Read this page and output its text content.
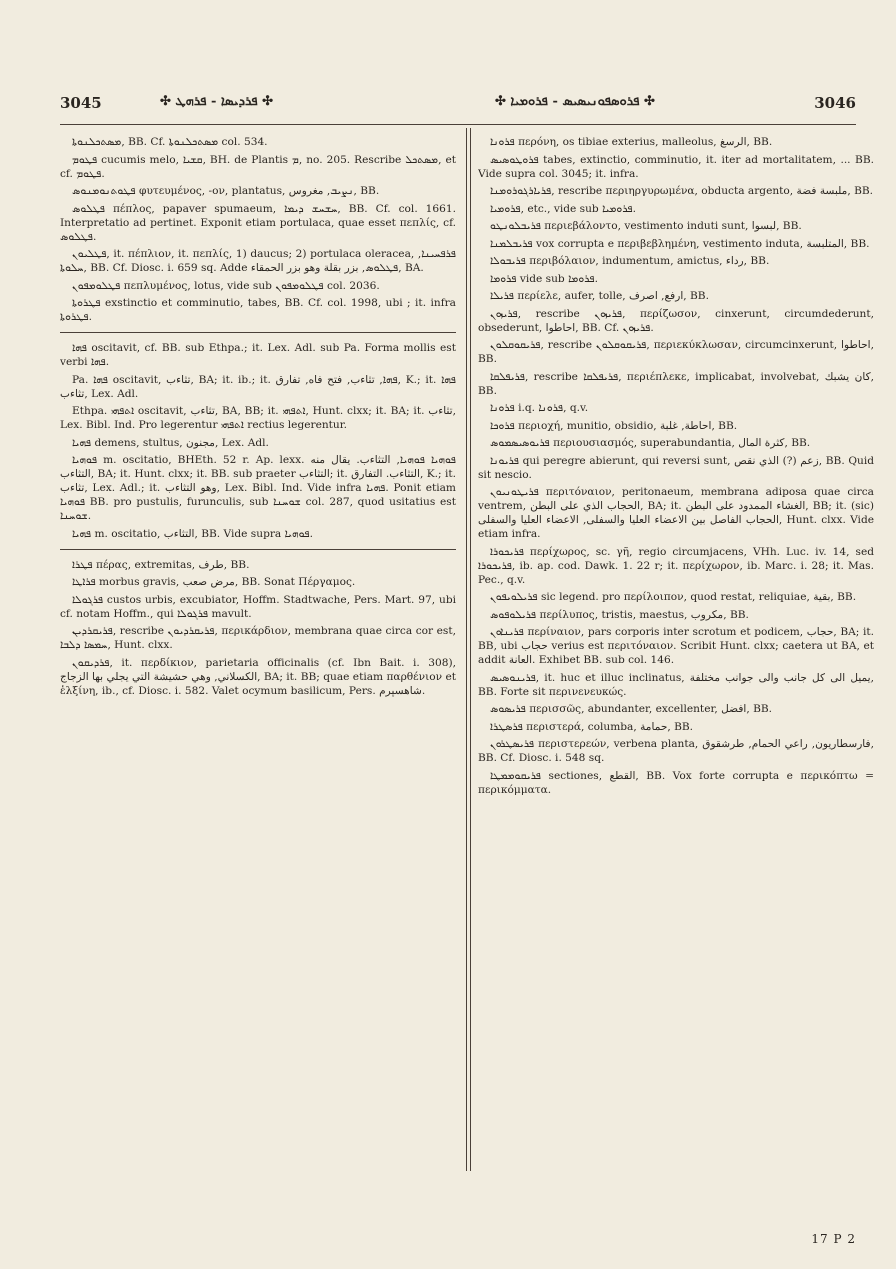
3045	✣ ܦܪܕܝܣܐ - ܦܪܗܛ ✣	✣ ܦܪܘܣܦܘܢܝܣܝܣ - ܦܪܘܡܝܐ ✣	3046

ܡܣܬܟܠܢܘܬܐ, BB. Cf. ܡܣܬܟܠܢܘܬܐ col. 534.

ܦܛܘܡ cucumis melo, ܩܫܝܐ, BH. de Plantis ܡ, no. 205. Rescribe ܡܣܬܟܠ, et cf. ܦܛܘܡ.

ܦܛܘܬܢܘܡܢܘܣ φυτευμένος, -ον, plantatus, ܢܨܝܒ, مغروس, BB.

ܦܛܠܘܣ πέπλος, papaver spumaeum, ܚܫܚܫ ܕܝܡܐ, BB. Cf. col. 1661. Interpretatio ad pertinet. Exponit etiam portulaca, quae esset πεπλίς, cf. ܦܛܠܘܣ.

ܦܛܠܝܘܢ, it. πέπλιον, it. πεπλίς, 1) daucus; 2) portulaca oleracea, ܦܪܦܚܝܢܐ, ܚܠܘܬܐ, BB. Cf. Diosc. i. 659 sq. Adde ܦܛܠܘܣ, بزر بقلة وهو بزر الحمقاء, BA.

ܦܛܠܘܡܦܘܢ πεπλυμένος, lotus, vide sub ܦܛܠܘܡܦܘܢ col. 2036.

ܦܛܪܘܬܐ exstinctio et comminutio, tabes, BB. Cf. col. 1998, ubi ; it. infra ܦܛܪܘܬܐ.

ܦܗܐ oscitavit, cf. BB. sub Ethpa.; it. Lex. Adl. sub Pa. Forma mollis est verbi ܦܗܐ.

Pa. ܦܗܐ oscitavit, تثاءب, BA; it. ib.; it. ܦܗܐ, تثاءب, فتح فاه, تفارق, K.; it. ܦܗܐ تثاءب, Lex. Adl.

Ethpa. ܐܬܦܗܝ oscitavit, تثاءب, BA, BB; it. ܐܬܦܗܝ, Hunt. clxx; it. BA; it. تثاءب, Lex. Bibl. Ind. Pro legerentur ܐܬܦܗܝ rectius legerentur.

ܦܗܝܐ demens, stultus, مجنون, Lex. Adl.

ܦܘܗܝܐ m. oscitatio, BHEth. 52 r. Ap. lexx. ܦܘܗܝܐ ܦܘܗܝܐ, التثاءب. يقال منه التثاءب, BA; it. Hunt. clxx; it. BB. sub praeter التثاءب; it. التثاءب. التفارق, K.; it. تثاءب, Lex. Adl.; it. وهو التثاءب, Lex. Bibl. Ind. Vide infra ܦܗܝܐ. Ponit etiam ܦܘܗܝܐ BB. pro pustulis, furunculis, sub ܫܘܚܢܐ col. 287, quod usitatius est ܫܘܚܢܐ.

ܦܗܝܐ m. oscitatio, التثاءب, BB. Vide supra ܦܘܗܝܐ.

ܦܛܪܐ πέρας, extremitas, طرف, BB.

ܦܪܐܛܐ morbus gravis, مرض صعب, BB. Sonat Πέργαμος.

ܦܪܓܘܠܐ custos urbis, excubiator, Hoffm. Stadtwache, Pers. Mart. 97, ubi cf. notam Hoffm., qui ܦܪܓܘܠܐ mavult.

ܦܪܝܩܪܕܝܢ, rescribe ܦܪܝܩܪܕܝܘܢ, περικάρδιον, membrana quae circa cor est, ܚܡܣܐ ܕܠܒܐ, Hunt. clxx.

ܦܪܕܝܩܘܢ, it. περδίκιον, parietaria officinalis (cf. Ibn Bait. i. 308), الكسلاني, وهي حشيشة التي يجلي بها الزجاج, BA; it. BB; quae etiam παρθένιον et ἑλξίνη, ib., cf. Diosc. i. 582. Valet ocymum basilicum, Pers. شاهسپرم.

ܦܪܘܢܐ περόνη, os tibiae exterius, malleolus, الرسغ, BB.

ܦܪܘܛܘܣܝܣ tabes, extinctio, comminutio, it. iter ad mortalitatem, ... BB. Vide supra col. 3045; it. infra.

ܦܪܝܐܪܓܘܪܘܡܢܐ, rescribe περιηργυρωμένα, obducta argento, ملبسة فضة, BB.

ܦܪܘܡܝܐ, etc., vide sub ܦܪܘܡܝܐ.

ܦܪܝܒܠܘܢܛܘ περιεβάλοντο, vestimento induti sunt, لبسوا, BB.

ܦܪܝܒܠܡܢܐ vox corrupta e περιβεβλημένη, vestimento induta, المتلبسة, BB.

ܦܪܝܒܘܠܐ περιβόλαιον, indumentum, amictus, رداء, BB.

ܦܪܘܡܐ vide sub ܦܪܘܡܐ.

ܦܪܝܠܐ περίελε, aufer, tolle, ارفع, اصرف, BB.

ܦܪܝܙܘܢ, rescribe ܦܪܝܙܘܢ, περίζωσον, cinxerunt, circumdederunt, obsederunt, احاطوا, BB. Cf. ܦܪܝܙܘܢ.

ܦܪܝܩܘܩܠܘܢ, rescribe ܦܪܝܩܘܩܠܘܢ, περιεκύκλωσαν, circumcinxerunt, احاطوا, BB.

ܦܪܝܦܠܩܐ, rescribe ܦܪܝܦܠܩܐ, περιέπλεκε, implicabat, involvebat, كان يشبك, BB.

ܦܪܘܢܐ i.q. ܦܪܘܢܐ, q.v.

ܦܪܘܟܐ περιοχή, munitio, obsidio, احاطة, غلبة, BB.

ܦܪܝܘܣܝܣܡܘܣ περιουσιασμός, superabundantia, كثرة المال, BB.

ܦܪܝܘܢܐ qui peregre abierunt, qui reversi sunt, زعم (?) الذي نقص, BB. Quid sit nescio.

ܦܪܝܛܘܢܝܘܢ περιτόναιον, peritonaeum, membrana adiposa quae circa ventrem, الحجاب الذي على البطن, BA; it. الغشاء الممدود على البطن, BB; it. (sic) الحجاب الفاصل بين الاعضاء العليا والسفلى, الاعضاء العليا والسفلى, Hunt. clxx. Vide etiam infra.

ܦܪܝܟܘܪܐ περίχωρος, sc. γῆ, regio circumjacens, VHh. Luc. iv. 14, sed ܦܪܝܟܘܪܐ, ib. ap. cod. Dawk. 1. 22 r; it. περίχωρον, ib. Marc. i. 28; it. Mas. Pec., q.v.

ܦܪܝܠܘܝܦܘܢ sic legend. pro περίλοιπον, quod restat, reliquiae, بقية, BB.

ܦܪܝܠܘܦܘܣ περίλυπος, tristis, maestus, مكروب, BB.

ܦܪܝܢܐܘܢ περίναιον, pars corporis inter scrotum et podicem, حجاب, BA; it. BB, ubi حجاب verius est περιτόναιον. Scribit Hunt. clxx; caetera ut BA, et addit العانة. Exhibet BB. sub col. 146.

ܦܪܝܢܘܣܝܣ, it. huc et illuc inclinatus, يميل الى كل جانب والى جوانب مختلفة, BB. Forte sit περινενευκώς.

ܦܪܝܣܘܣ περισσῶς, abundanter, excellenter, افضل, BB.

ܦܪܣܛܪܐ περιστερά, columba, حمامة, BB.

ܦܪܝܣܛܪܘܢ περιστερεών, verbena planta, فارسطاريون, راعي الحمام, طرشقوق, BB. Cf. Diosc. i. 548 sq.

ܦܪܝܩܘܡܡܛܐ sectiones, القطع, BB. Vox forte corrupta e περικόπτω = περικόμματα.

17 P 2
